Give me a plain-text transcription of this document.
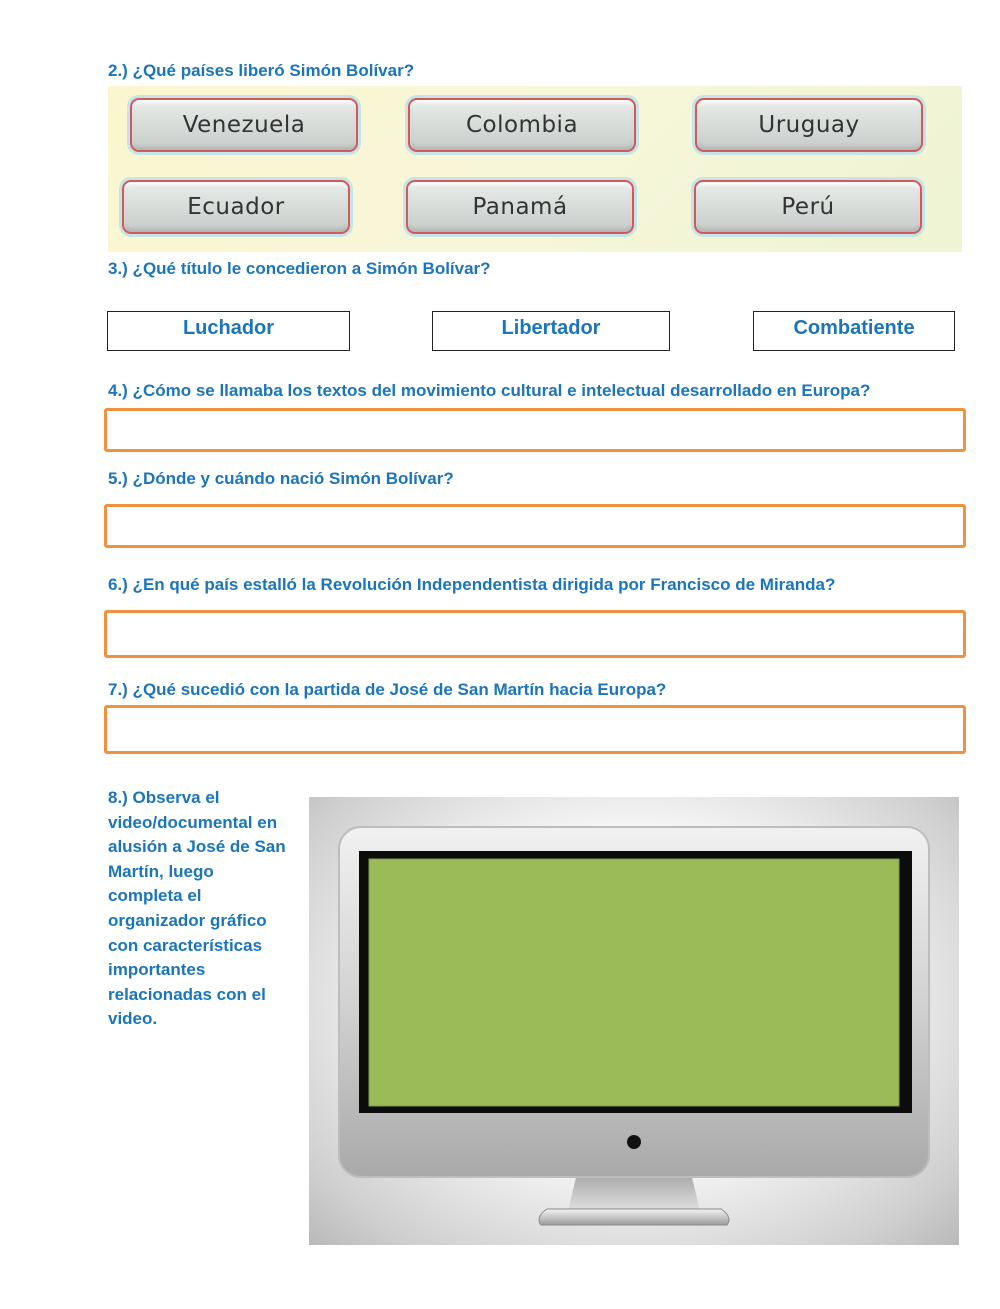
2.) ¿Qué países liberó Simón Bolívar?
Venezuela	Colombia	Uruguay
Ecuador	Panamá	Perú
3.) ¿Qué título le concedieron a Simón Bolívar?
Luchador	Libertador	Combatiente
4.) ¿Cómo se llamaba los textos del movimiento cultural e intelectual desarrollado en Europa?
5.) ¿Dónde y cuándo nació Simón Bolívar?
6.) ¿En qué país estalló la Revolución Independentista dirigida por Francisco de Miranda?
7.) ¿Qué sucedió con la partida de José de San Martín hacia Europa?
8.) Observa el
video/documental en
alusión a José de San
Martín, luego
completa el
organizador gráfico
con características
importantes
relacionadas con el
video.
